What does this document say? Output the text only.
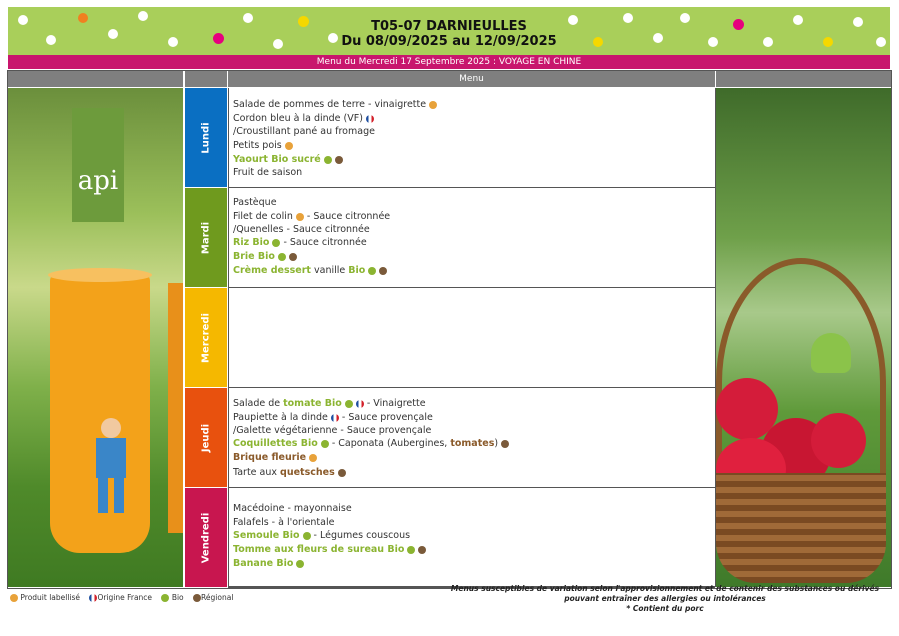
T05-07 DARNIEULLES
Du 08/09/2025 au 12/09/2025
Menu du Mercredi 17 Septembre 2025 : VOYAGE EN CHINE
Menu
api
Lundi
Mardi
Mercredi
Jeudi
Vendredi
Salade de pommes de terre - vinaigrette
Cordon bleu à la dinde (VF)
/Croustillant pané au fromage
Petits pois
Yaourt Bio sucré
Fruit de saison
Pastèque
Filet de colin - Sauce citronnée
/Quenelles - Sauce citronnée
Riz Bio - Sauce citronnée
Brie Bio
Crème dessert vanille Bio
Salade de tomate Bio - Vinaigrette
Paupiette à la dinde - Sauce provençale
/Galette végétarienne - Sauce provençale
Coquillettes Bio - Caponata (Aubergines, tomates)
Brique fleurie
Tarte aux quetsches
Macédoine - mayonnaise
Falafels - à l'orientale
Semoule Bio - Légumes couscous
Tomme aux fleurs de sureau Bio
Banane Bio
Produit labellisé Origine France	Bio Régional
Menus susceptibles de variation selon l'approvisionnement et de contenir des substances ou dérivés
pouvant entraîner des allergies ou intolérances
* Contient du porc
